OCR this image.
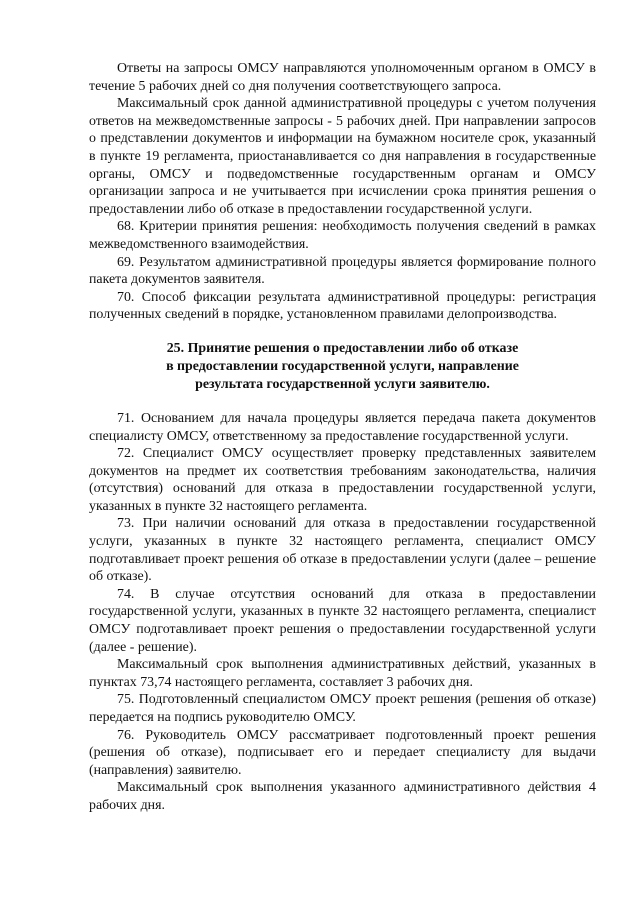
Ответы на запросы ОМСУ направляются уполномоченным органом в ОМСУ в течение 5 рабочих дней со дня получения соответствующего запроса.

Максимальный срок данной административной процедуры с учетом получения ответов на межведомственные запросы - 5 рабочих дней. При направлении запросов о представлении документов и информации на бумажном носителе срок, указанный в пункте 19 регламента, приостанавливается со дня направления в государственные органы, ОМСУ и подведомственные государственным органам и ОМСУ организации запроса и не учитывается при исчислении срока принятия решения о предоставлении либо об отказе в предоставлении государственной услуги.

68. Критерии принятия решения: необходимость получения сведений в рамках межведомственного взаимодействия.

69. Результатом административной процедуры является формирование полного пакета документов заявителя.

70. Способ фиксации результата административной процедуры: регистрация полученных сведений в порядке, установленном правилами делопроизводства.

25. Принятие решения о предоставлении либо об отказе
в предоставлении государственной услуги, направление
результата государственной услуги заявителю.

71. Основанием для начала процедуры является передача пакета документов специалисту ОМСУ, ответственному за предоставление государственной услуги.

72. Специалист ОМСУ осуществляет проверку представленных заявителем документов на предмет их соответствия требованиям законодательства, наличия (отсутствия) оснований для отказа в предоставлении государственной услуги, указанных в пункте 32 настоящего регламента.

73. При наличии оснований для отказа в предоставлении государственной услуги, указанных в пункте 32 настоящего регламента, специалист ОМСУ подготавливает проект решения об отказе в предоставлении услуги (далее – решение об отказе).

74. В случае отсутствия оснований для отказа в предоставлении государственной услуги, указанных в пункте 32 настоящего регламента, специалист ОМСУ подготавливает проект решения о предоставлении государственной услуги (далее - решение).

Максимальный срок выполнения административных действий, указанных в пунктах 73,74 настоящего регламента, составляет 3 рабочих дня.

75. Подготовленный специалистом ОМСУ проект решения (решения об отказе) передается на подпись руководителю ОМСУ.

76. Руководитель ОМСУ рассматривает подготовленный проект решения (решения об отказе), подписывает его и передает специалисту для выдачи (направления) заявителю.

Максимальный срок выполнения указанного административного действия 4 рабочих дня.
